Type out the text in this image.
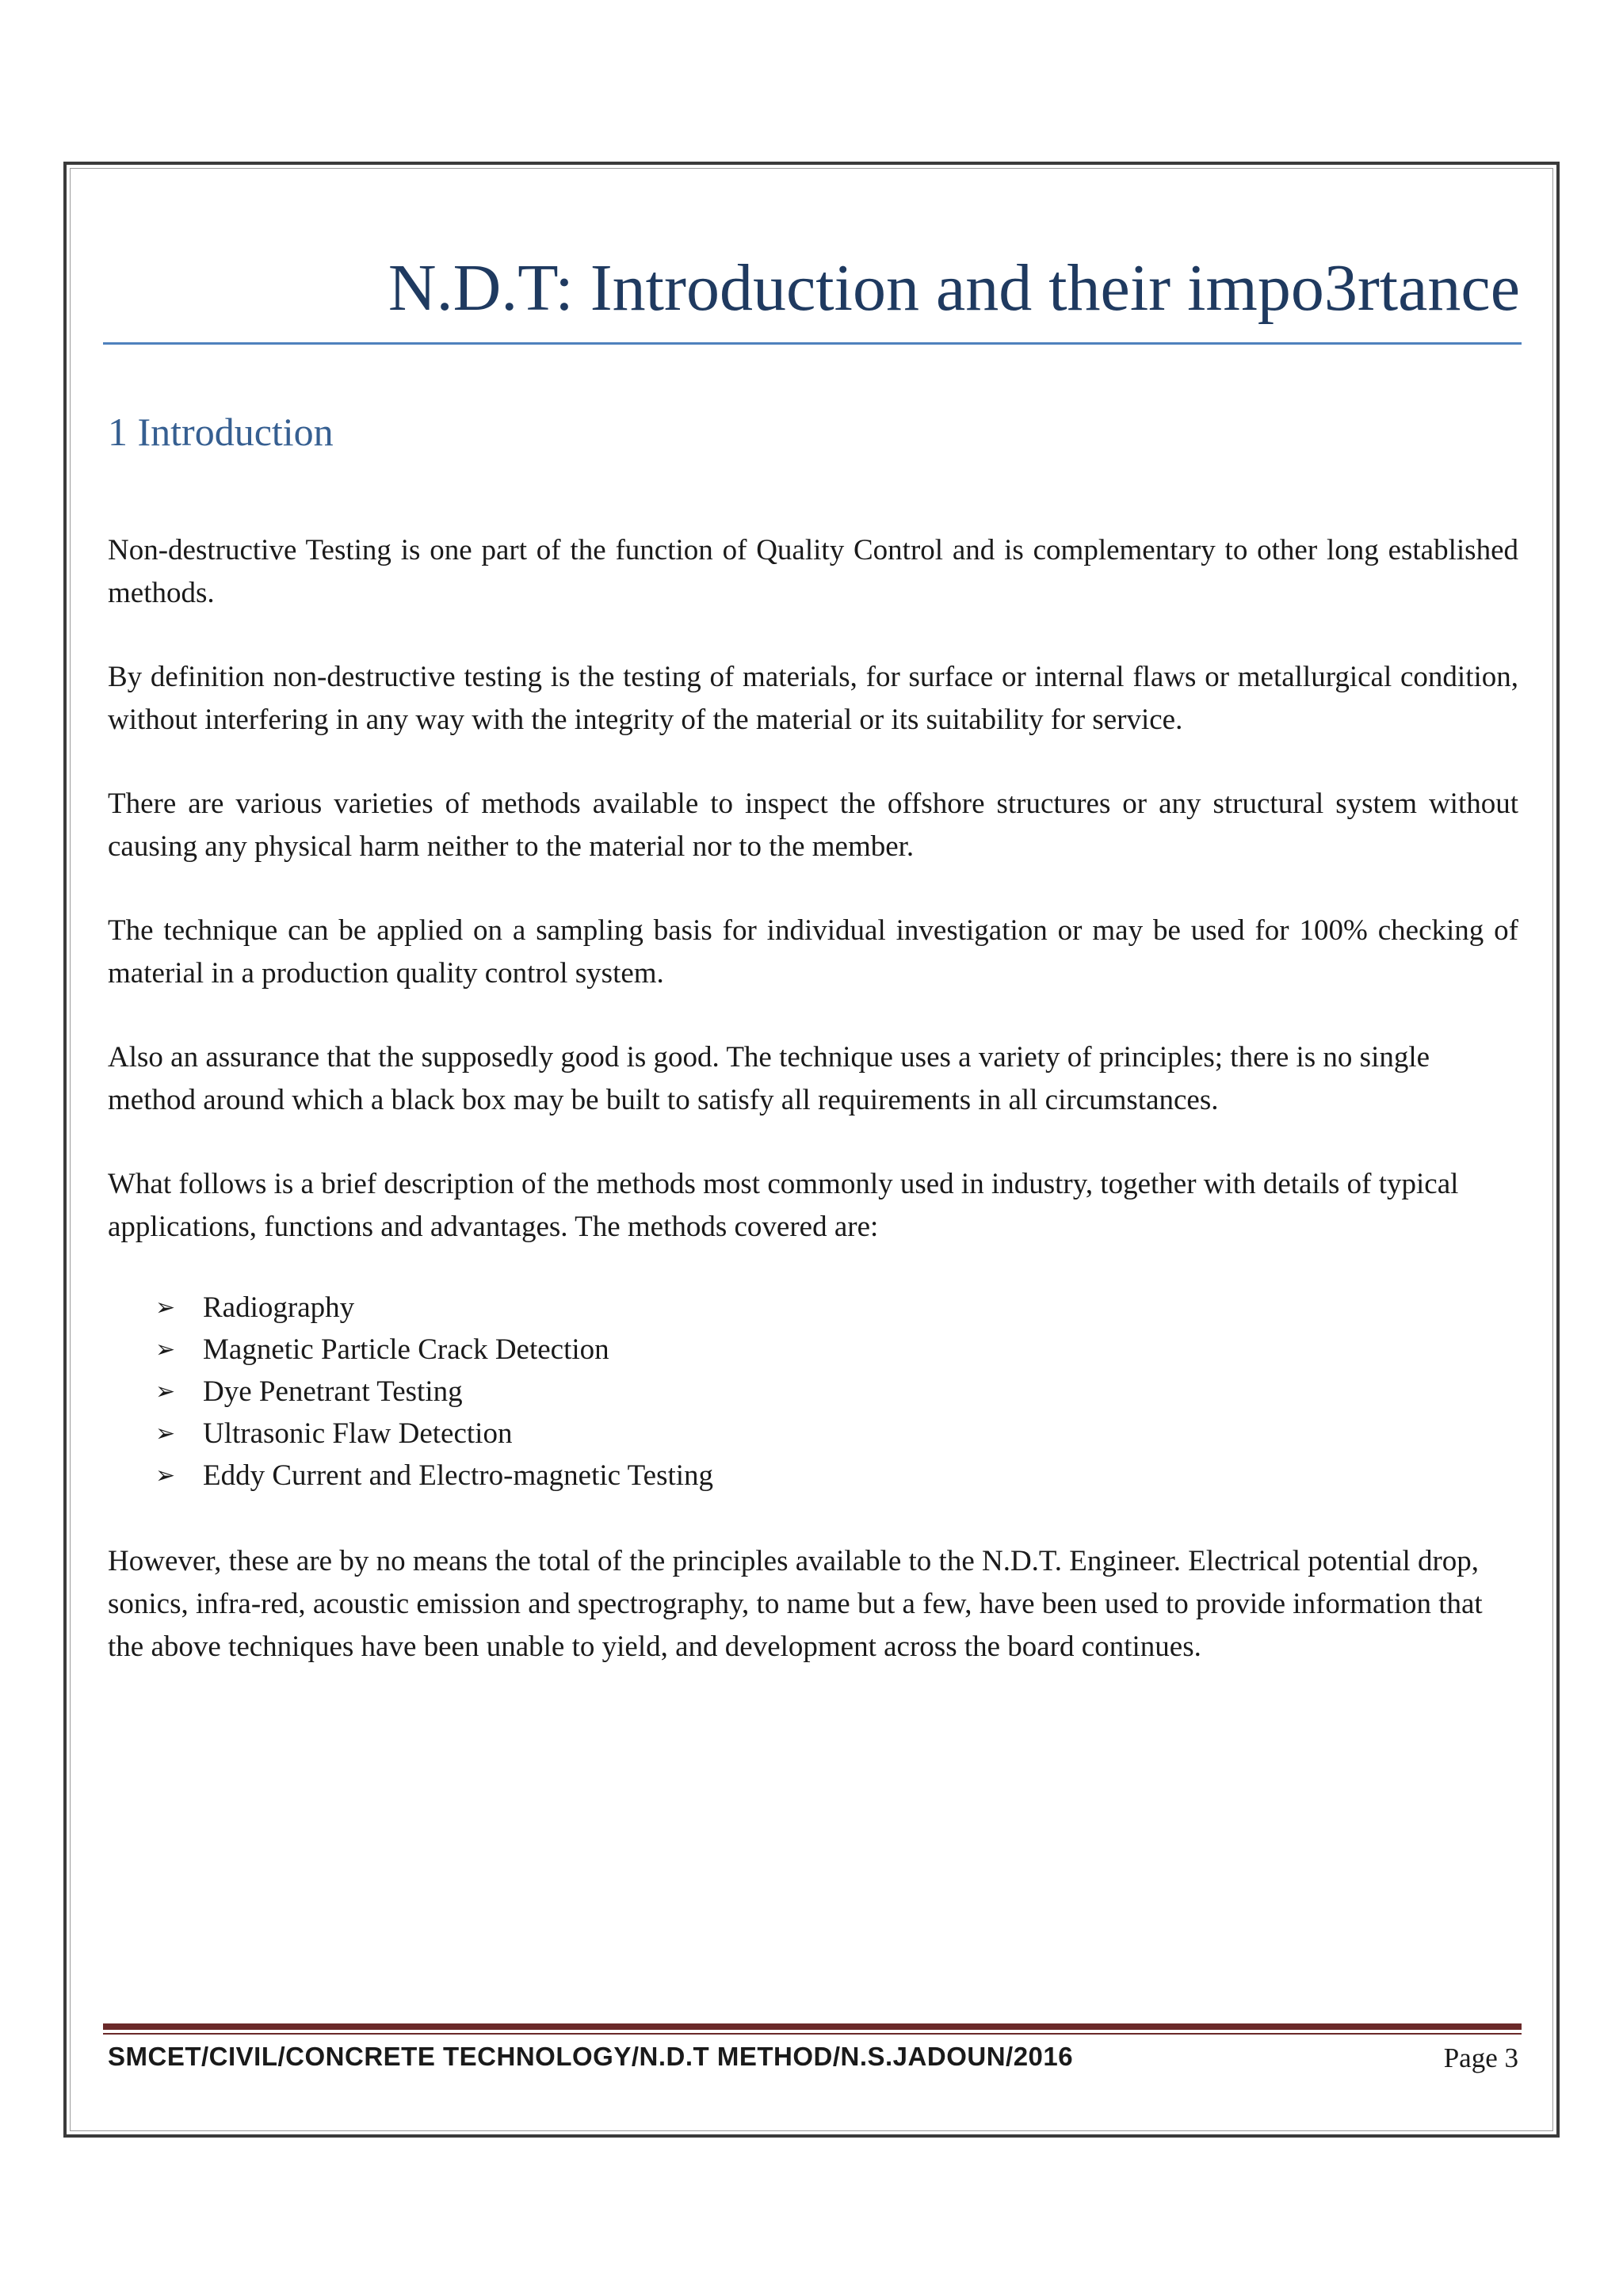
N.D.T: Introduction and their impo3rtance
1 Introduction

Non-destructive Testing is one part of the function of Quality Control and is complementary to other long established methods.

By definition non-destructive testing is the testing of materials, for surface or internal flaws or metallurgical condition, without interfering in any way with the integrity of the material or its suitability for service.

There are various varieties of methods available to inspect the offshore structures or any structural system without causing any physical harm neither to the material nor to the member.

The technique can be applied on a sampling basis for individual investigation or may be used for 100% checking of material in a production quality control system.

Also an assurance that the supposedly good is good. The technique uses a variety of principles; there is no single method around which a black box may be built to satisfy all requirements in all circumstances.

What follows is a brief description of the methods most commonly used in industry, together with details of typical applications, functions and advantages. The methods covered are:

➢ Radiography
➢ Magnetic Particle Crack Detection
➢ Dye Penetrant Testing
➢ Ultrasonic Flaw Detection
➢ Eddy Current and Electro-magnetic Testing

However, these are by no means the total of the principles available to the N.D.T. Engineer. Electrical potential drop, sonics, infra-red, acoustic emission and spectrography, to name but a few, have been used to provide information that the above techniques have been unable to yield, and development across the board continues.

SMCET/CIVIL/CONCRETE TECHNOLOGY/N.D.T METHOD/N.S.JADOUN/2016	Page 3
